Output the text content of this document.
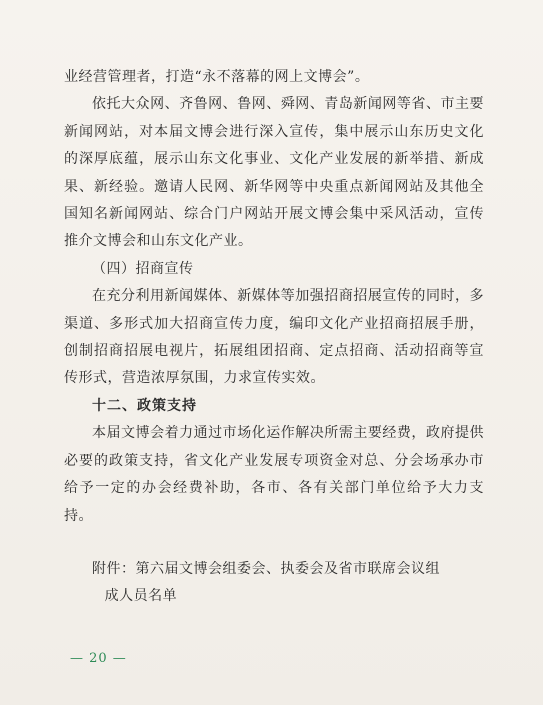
业经营管理者，打造“永不落幕的网上文博会”。

依托大众网、齐鲁网、鲁网、舜网、青岛新闻网等省、市主要新闻网站，对本届文博会进行深入宣传，集中展示山东历史文化的深厚底蕴，展示山东文化事业、文化产业发展的新举措、新成果、新经验。邀请人民网、新华网等中央重点新闻网站及其他全国知名新闻网站、综合门户网站开展文博会集中采风活动，宣传推介文博会和山东文化产业。

（四）招商宣传

在充分利用新闻媒体、新媒体等加强招商招展宣传的同时，多渠道、多形式加大招商宣传力度，编印文化产业招商招展手册，创制招商招展电视片，拓展组团招商、定点招商、活动招商等宣传形式，营造浓厚氛围，力求宣传实效。

十二、政策支持

本届文博会着力通过市场化运作解决所需主要经费，政府提供必要的政策支持，省文化产业发展专项资金对总、分会场承办市给予一定的办会经费补助，各市、各有关部门单位给予大力支持。

附件：第六届文博会组委会、执委会及省市联席会议组

成人员名单

— 20 —
